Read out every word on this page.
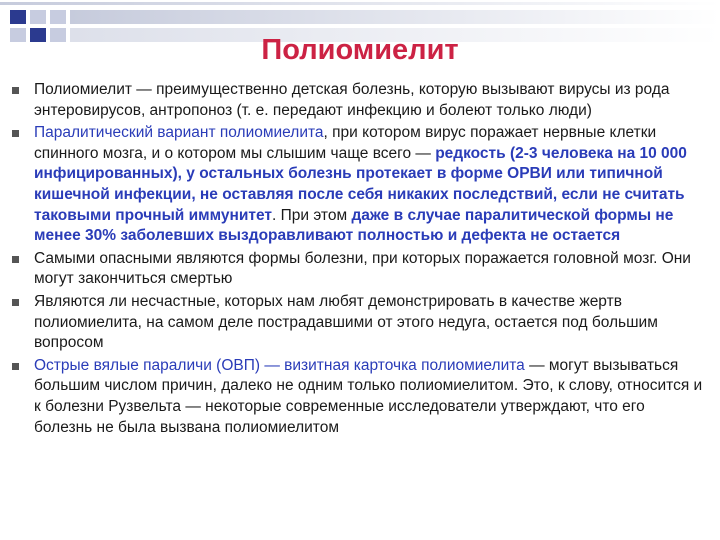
Полиомиелит
Полиомиелит — преимущественно детская болезнь, которую вызывают вирусы из рода энтеровирусов, антропоноз (т. е. передают инфекцию и болеют только люди)
Паралитический вариант полиомиелита, при котором вирус поражает нервные клетки спинного мозга, и о котором мы слышим чаще всего — редкость (2-3 человека на 10 000 инфицированных), у остальных болезнь протекает в форме ОРВИ или типичной кишечной инфекции, не оставляя после себя никаких последствий, если не считать таковыми прочный иммунитет. При этом даже в случае паралитической формы не менее 30% заболевших выздоравливают полностью и дефекта не остается
Самыми опасными являются формы болезни, при которых поражается головной мозг. Они могут закончиться смертью
Являются ли несчастные, которых нам любят демонстрировать в качестве жертв полиомиелита, на самом деле пострадавшими от этого недуга, остается под большим вопросом
Острые вялые параличи (ОВП) — визитная карточка полиомиелита — могут вызываться большим числом причин, далеко не одним только полиомиелитом. Это, к слову, относится и к болезни Рузвельта — некоторые современные исследователи утверждают, что его болезнь не была вызвана полиомиелитом
